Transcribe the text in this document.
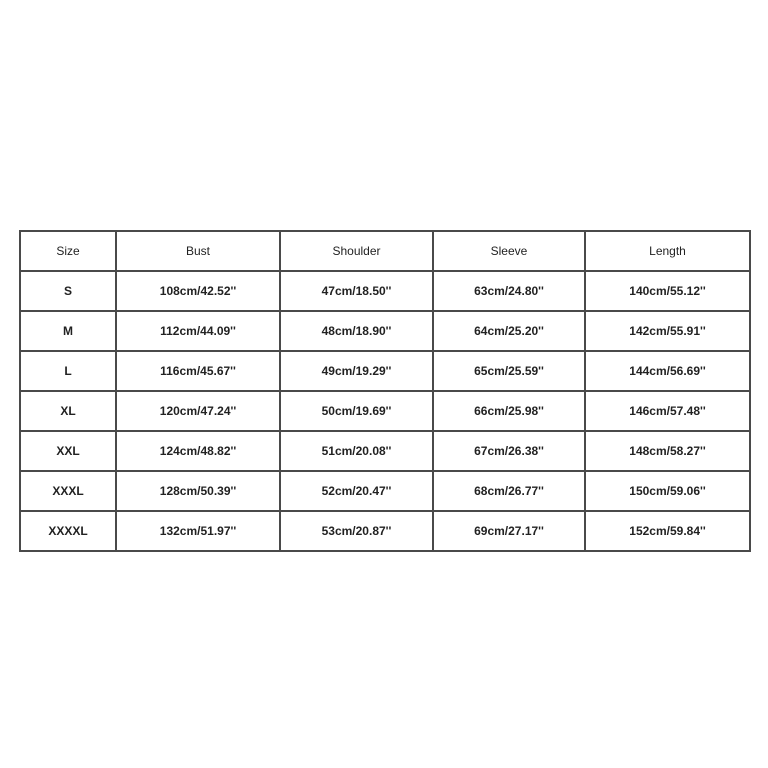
Size	Bust	Shoulder	Sleeve	Length
S	108cm/42.52''	47cm/18.50''	63cm/24.80''	140cm/55.12''
M	112cm/44.09''	48cm/18.90''	64cm/25.20''	142cm/55.91''
L	116cm/45.67''	49cm/19.29''	65cm/25.59''	144cm/56.69''
XL	120cm/47.24''	50cm/19.69''	66cm/25.98''	146cm/57.48''
XXL	124cm/48.82''	51cm/20.08''	67cm/26.38''	148cm/58.27''
XXXL	128cm/50.39''	52cm/20.47''	68cm/26.77''	150cm/59.06''
XXXXL	132cm/51.97''	53cm/20.87''	69cm/27.17''	152cm/59.84''
